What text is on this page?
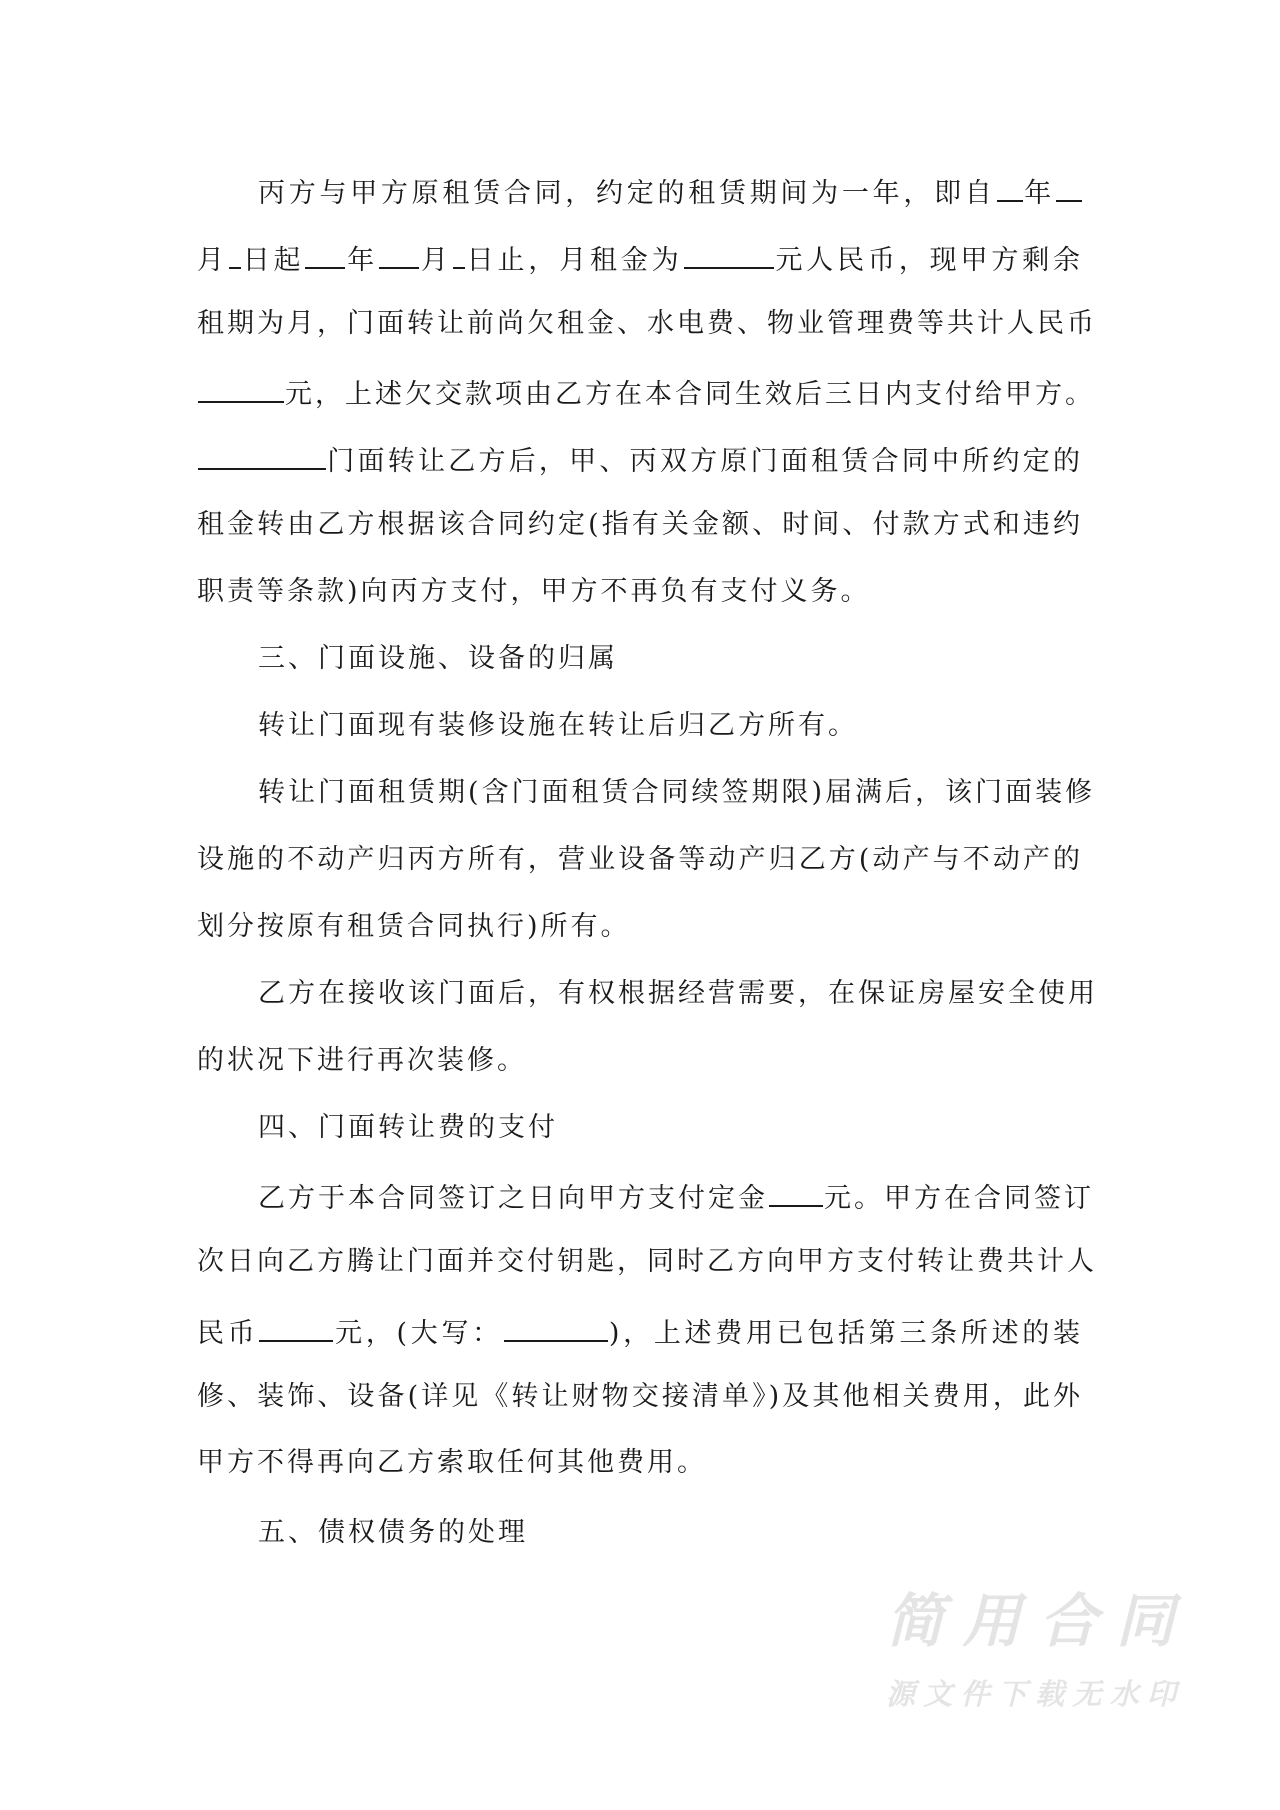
丙方与甲方原租赁合同，约定的租赁期间为一年，即自 年
月 日起 年 月 日止，月租金为	元人民币，现甲方剩余
租期为月，门面转让前尚欠租金、水电费、物业管理费等共计人民币
元，上述欠交款项由乙方在本合同生效后三日内支付给甲方。
门面转让乙方后，甲、丙双方原门面租赁合同中所约定的
租金转由乙方根据该合同约定(指有关金额、时间、付款方式和违约
职责等条款)向丙方支付，甲方不再负有支付义务。
三、门面设施、设备的归属
转让门面现有装修设施在转让后归乙方所有。
转让门面租赁期(含门面租赁合同续签期限)届满后，该门面装修
设施的不动产归丙方所有，营业设备等动产归乙方(动产与不动产的
划分按原有租赁合同执行)所有。
乙方在接收该门面后，有权根据经营需要，在保证房屋安全使用
的状况下进行再次装修。
四、门面转让费的支付
乙方于本合同签订之日向甲方支付定金 元。甲方在合同签订
次日向乙方腾让门面并交付钥匙，同时乙方向甲方支付转让费共计人
民币	元，(大写：	)，上述费用已包括第三条所述的装
修、装饰、设备(详见《转让财物交接清单》)及其他相关费用，此外
甲方不得再向乙方索取任何其他费用。
五、债权债务的处理
简用合同
源文件下载无水印
